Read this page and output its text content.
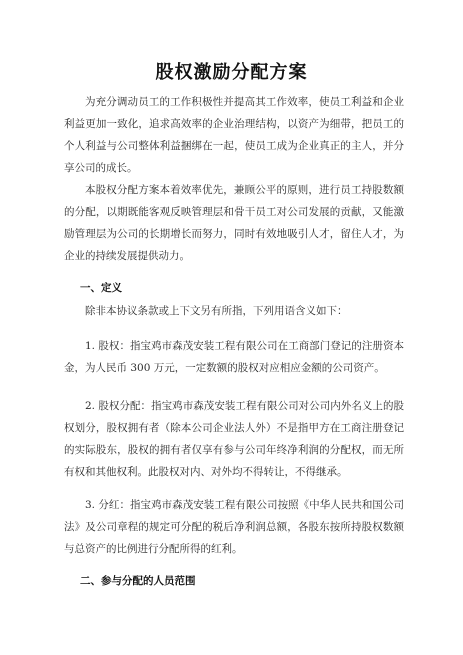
股权激励分配方案

为充分调动员工的工作积极性并提高其工作效率，使员工利益和企业利益更加一致化，追求高效率的企业治理结构，以资产为细带，把员工的个人利益与公司整体利益捆绑在一起，使员工成为企业真正的主人，并分享公司的成长。

本股权分配方案本着效率优先，兼顾公平的原则，进行员工持股数额的分配，以期既能客观反映管理层和骨干员工对公司发展的贡献，又能激励管理层为公司的长期增长而努力，同时有效地吸引人才，留住人才，为企业的持续发展提供动力。

一、定义

除非本协议条款或上下文另有所指，下列用语含义如下：

1. 股权：指宝鸡市森茂安装工程有限公司在工商部门登记的注册资本金，为人民币 300 万元，一定数额的股权对应相应金额的公司资产。

2. 股权分配：指宝鸡市森茂安装工程有限公司对公司内外名义上的股权划分，股权拥有者（除本公司企业法人外）不是指甲方在工商注册登记的实际股东，股权的拥有者仅享有参与公司年终净利润的分配权，而无所有权和其他权利。此股权对内、对外均不得转让，不得继承。

3. 分红：指宝鸡市森茂安装工程有限公司按照《中华人民共和国公司法》及公司章程的规定可分配的税后净利润总额，各股东按所持股权数额与总资产的比例进行分配所得的红利。

二、参与分配的人员范围
